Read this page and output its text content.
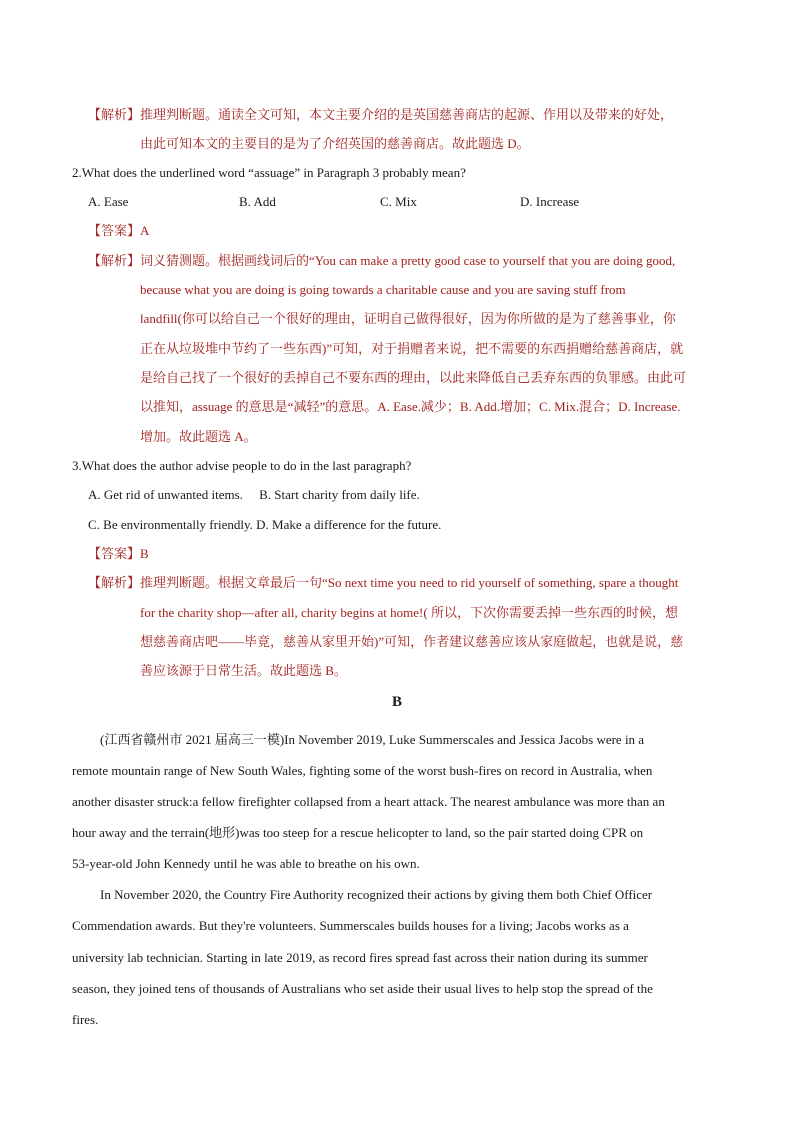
【解析】 推理判断题。通读全文可知，本文主要介绍的是英国慈善商店的起源、作用以及带来的好处，
由此可知本文的主要目的是为了介绍英国的慈善商店。故此题选 D。
2.What does the underlined word “assuage” in Paragraph 3 probably mean?
A. Ease	B. Add	C. Mix	D. Increase
【答案】 A
【解析】 词义猜测题。根据画线词后的“You can make a pretty good case to yourself that you are doing good,
because what you are doing is going towards a charitable cause and you are saving stuff from
landfill(你可以给自己一个很好的理由，证明自己做得很好，因为你所做的是为了慈善事业，你
正在从垃圾堆中节约了一些东西)”可知，对于捐赠者来说，把不需要的东西捐赠给慈善商店，就
是给自己找了一个很好的丢掉自己不要东西的理由，以此来降低自己丢弃东西的负罪感。由此可
以推知，assuage 的意思是“减轻”的意思。A. Ease.减少；B. Add.增加；C. Mix.混合；D. Increase.
增加。故此题选 A。
3.What does the author advise people to do in the last paragraph?
A. Get rid of unwanted items.     B. Start charity from daily life.
C. Be environmentally friendly. D. Make a difference for the future.
【答案】 B
【解析】 推理判断题。根据文章最后一句“So next time you need to rid yourself of something, spare a thought
for the charity shop—after all, charity begins at home!( 所以，下次你需要丢掉一些东西的时候，想
想慈善商店吧——毕竟，慈善从家里开始)”可知，作者建议慈善应该从家庭做起，也就是说，慈
善应该源于日常生活。故此题选 B。
B
(江西省赣州市 2021 届高三一模)In November 2019, Luke Summerscales and Jessica Jacobs were in a
remote mountain range of New South Wales, fighting some of the worst bush-fires on record in Australia, when
another disaster struck:a fellow firefighter collapsed from a heart attack. The nearest ambulance was more than an
hour away and the terrain(地形)was too steep for a rescue helicopter to land, so the pair started doing CPR on
53-year-old John Kennedy until he was able to breathe on his own.
In November 2020, the Country Fire Authority recognized their actions by giving them both Chief Officer
Commendation awards. But they're volunteers. Summerscales builds houses for a living; Jacobs works as a
university lab technician. Starting in late 2019, as record fires spread fast across their nation during its summer
season, they joined tens of thousands of Australians who set aside their usual lives to help stop the spread of the
fires.
